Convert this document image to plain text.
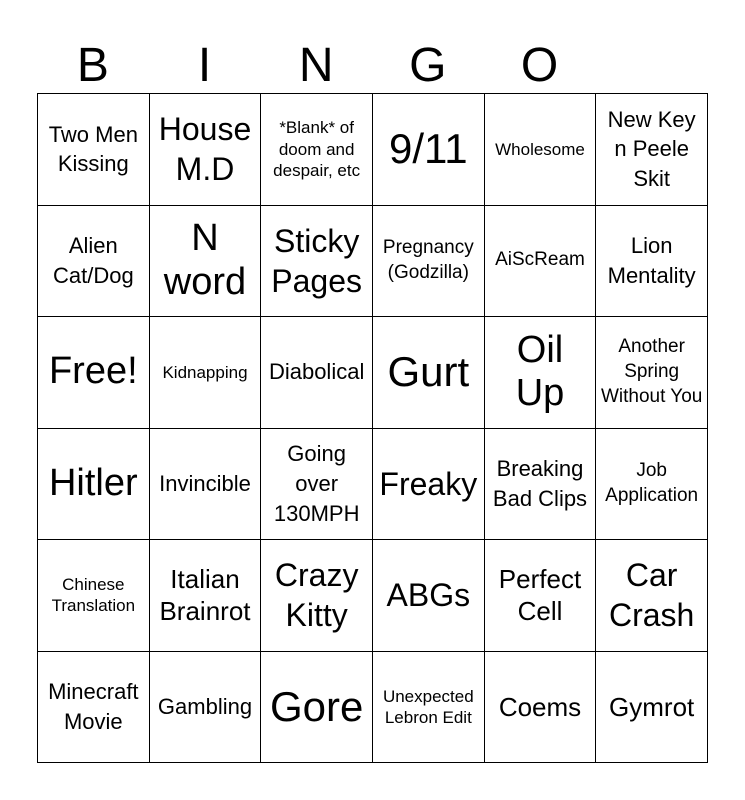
B	I	N	G	O
Two Men Kissing
House M.D
*Blank* of doom and despair, etc 9/11	Wholesome
New Key n Peele Skit
Alien Cat/Dog
N word
Sticky Pages
Pregnancy (Godzilla)
AiScReam
Lion Mentality
Free!	Kidnapping Diabolical Gurt	Oil Up
Another Spring Without You
Hitler Invincible
Going over 130MPH
Freaky Breaking Bad Clips
Job Application
Chinese Translation
Italian Brainrot
Crazy Kitty
ABGs	Perfect Cell
Car Crash
Minecraft Movie
Gambling Gore	Unexpected Lebron Edit	Coems	Gymrot
